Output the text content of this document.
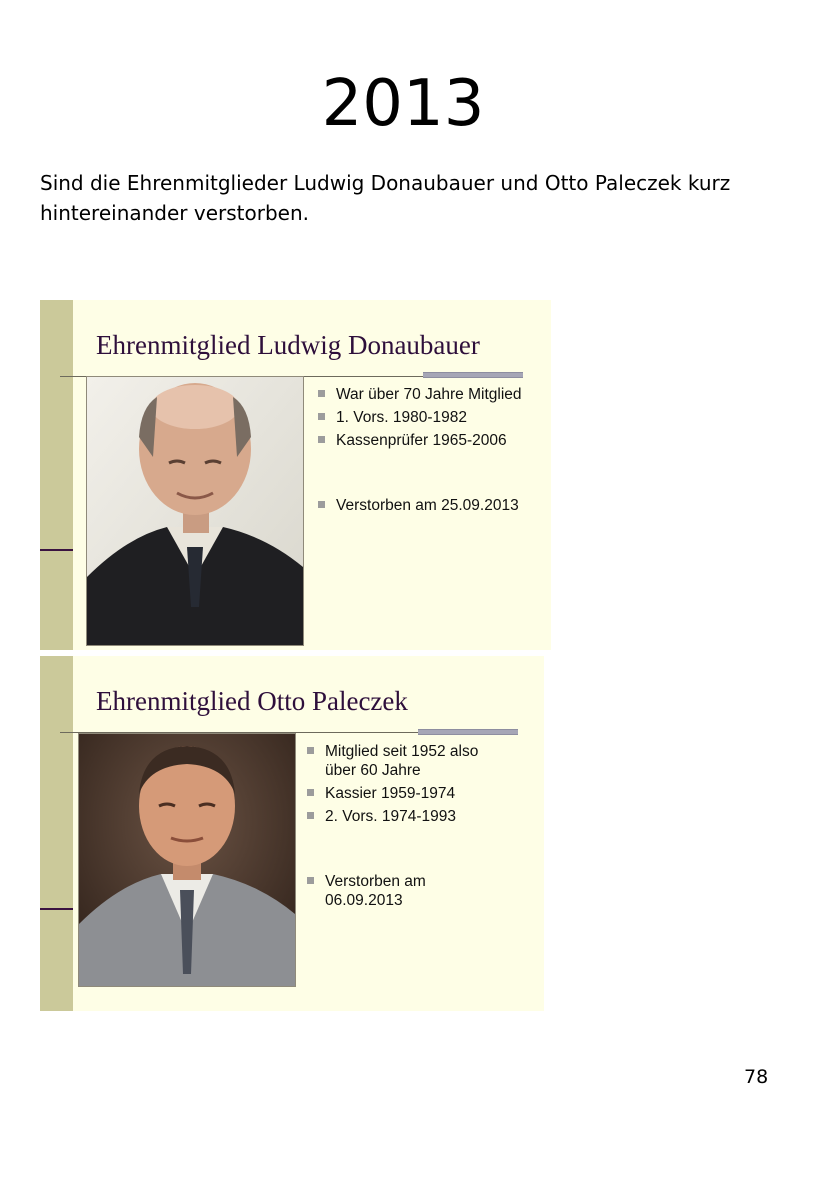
2013
Sind die Ehrenmitglieder Ludwig Donaubauer und Otto Paleczek kurz hintereinander verstorben.
Ehrenmitglied Ludwig Donaubauer
War über 70 Jahre Mitglied
1. Vors. 1980-1982
Kassenprüfer 1965-2006
Verstorben am 25.09.2013
Ehrenmitglied Otto Paleczek
Mitglied seit 1952 also über 60 Jahre
Kassier 1959-1974
2. Vors. 1974-1993
Verstorben am 06.09.2013
78
